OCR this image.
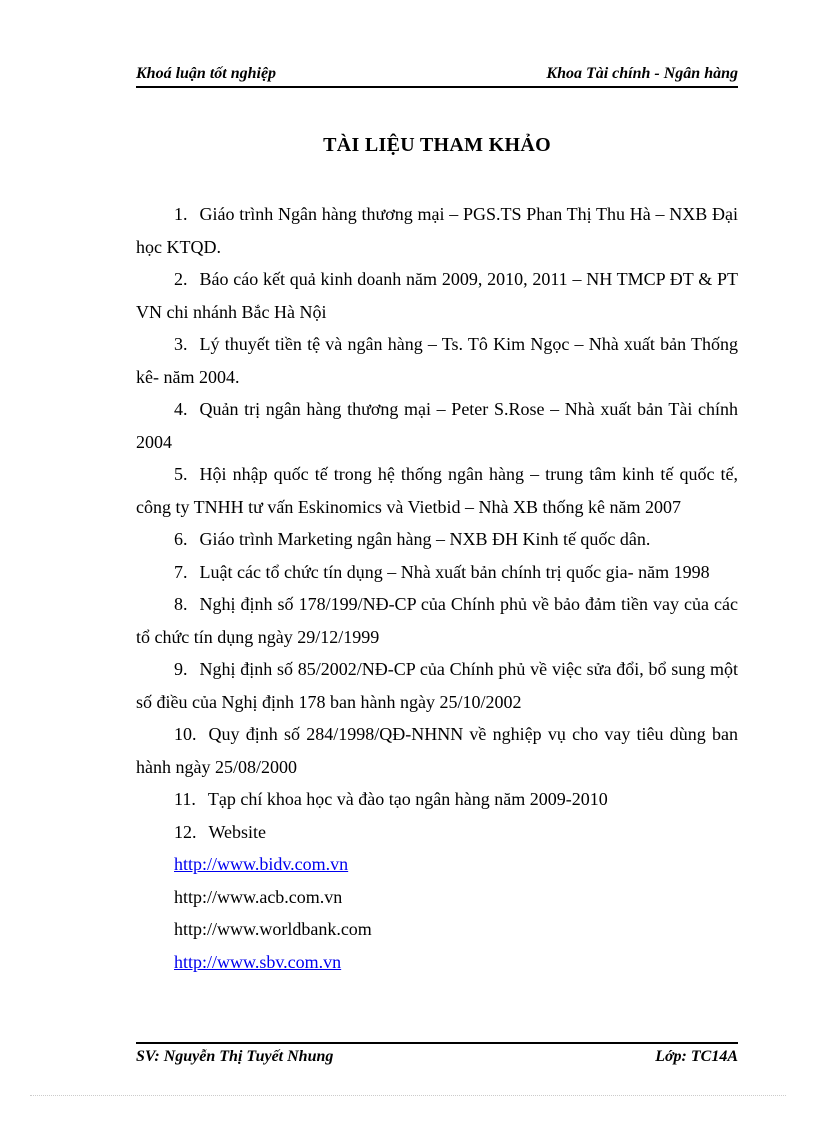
Khoá luận tốt nghiệp	Khoa Tài chính - Ngân hàng
TÀI LIỆU THAM KHẢO

1. Giáo trình Ngân hàng thương mại – PGS.TS Phan Thị Thu Hà – NXB Đại học KTQD.

2. Báo cáo kết quả kinh doanh năm 2009, 2010, 2011 – NH TMCP ĐT & PT VN chi nhánh Bắc Hà Nội

3. Lý thuyết tiền tệ và ngân hàng – Ts. Tô Kim Ngọc – Nhà xuất bản Thống kê- năm 2004.

4. Quản trị ngân hàng thương mại – Peter S.Rose – Nhà xuất bản Tài chính 2004

5. Hội nhập quốc tế trong hệ thống ngân hàng – trung tâm kinh tế quốc tế, công ty TNHH tư vấn Eskinomics và Vietbid – Nhà XB thống kê năm 2007

6. Giáo trình Marketing ngân hàng – NXB ĐH Kinh tế quốc dân.

7. Luật các tổ chức tín dụng – Nhà xuất bản chính trị quốc gia- năm 1998

8. Nghị định số 178/199/NĐ-CP của Chính phủ về bảo đảm tiền vay của các tổ chức tín dụng ngày 29/12/1999

9. Nghị định số 85/2002/NĐ-CP của Chính phủ về việc sửa đổi, bổ sung một số điều của Nghị định 178 ban hành ngày 25/10/2002

10. Quy định số 284/1998/QĐ-NHNN về nghiệp vụ cho vay tiêu dùng ban hành ngày 25/08/2000

11. Tạp chí khoa học và đào tạo ngân hàng năm 2009-2010

12. Website

http://www.bidv.com.vn

http://www.acb.com.vn

http://www.worldbank.com

http://www.sbv.com.vn

SV: Nguyễn Thị Tuyết Nhung	Lớp: TC14A
